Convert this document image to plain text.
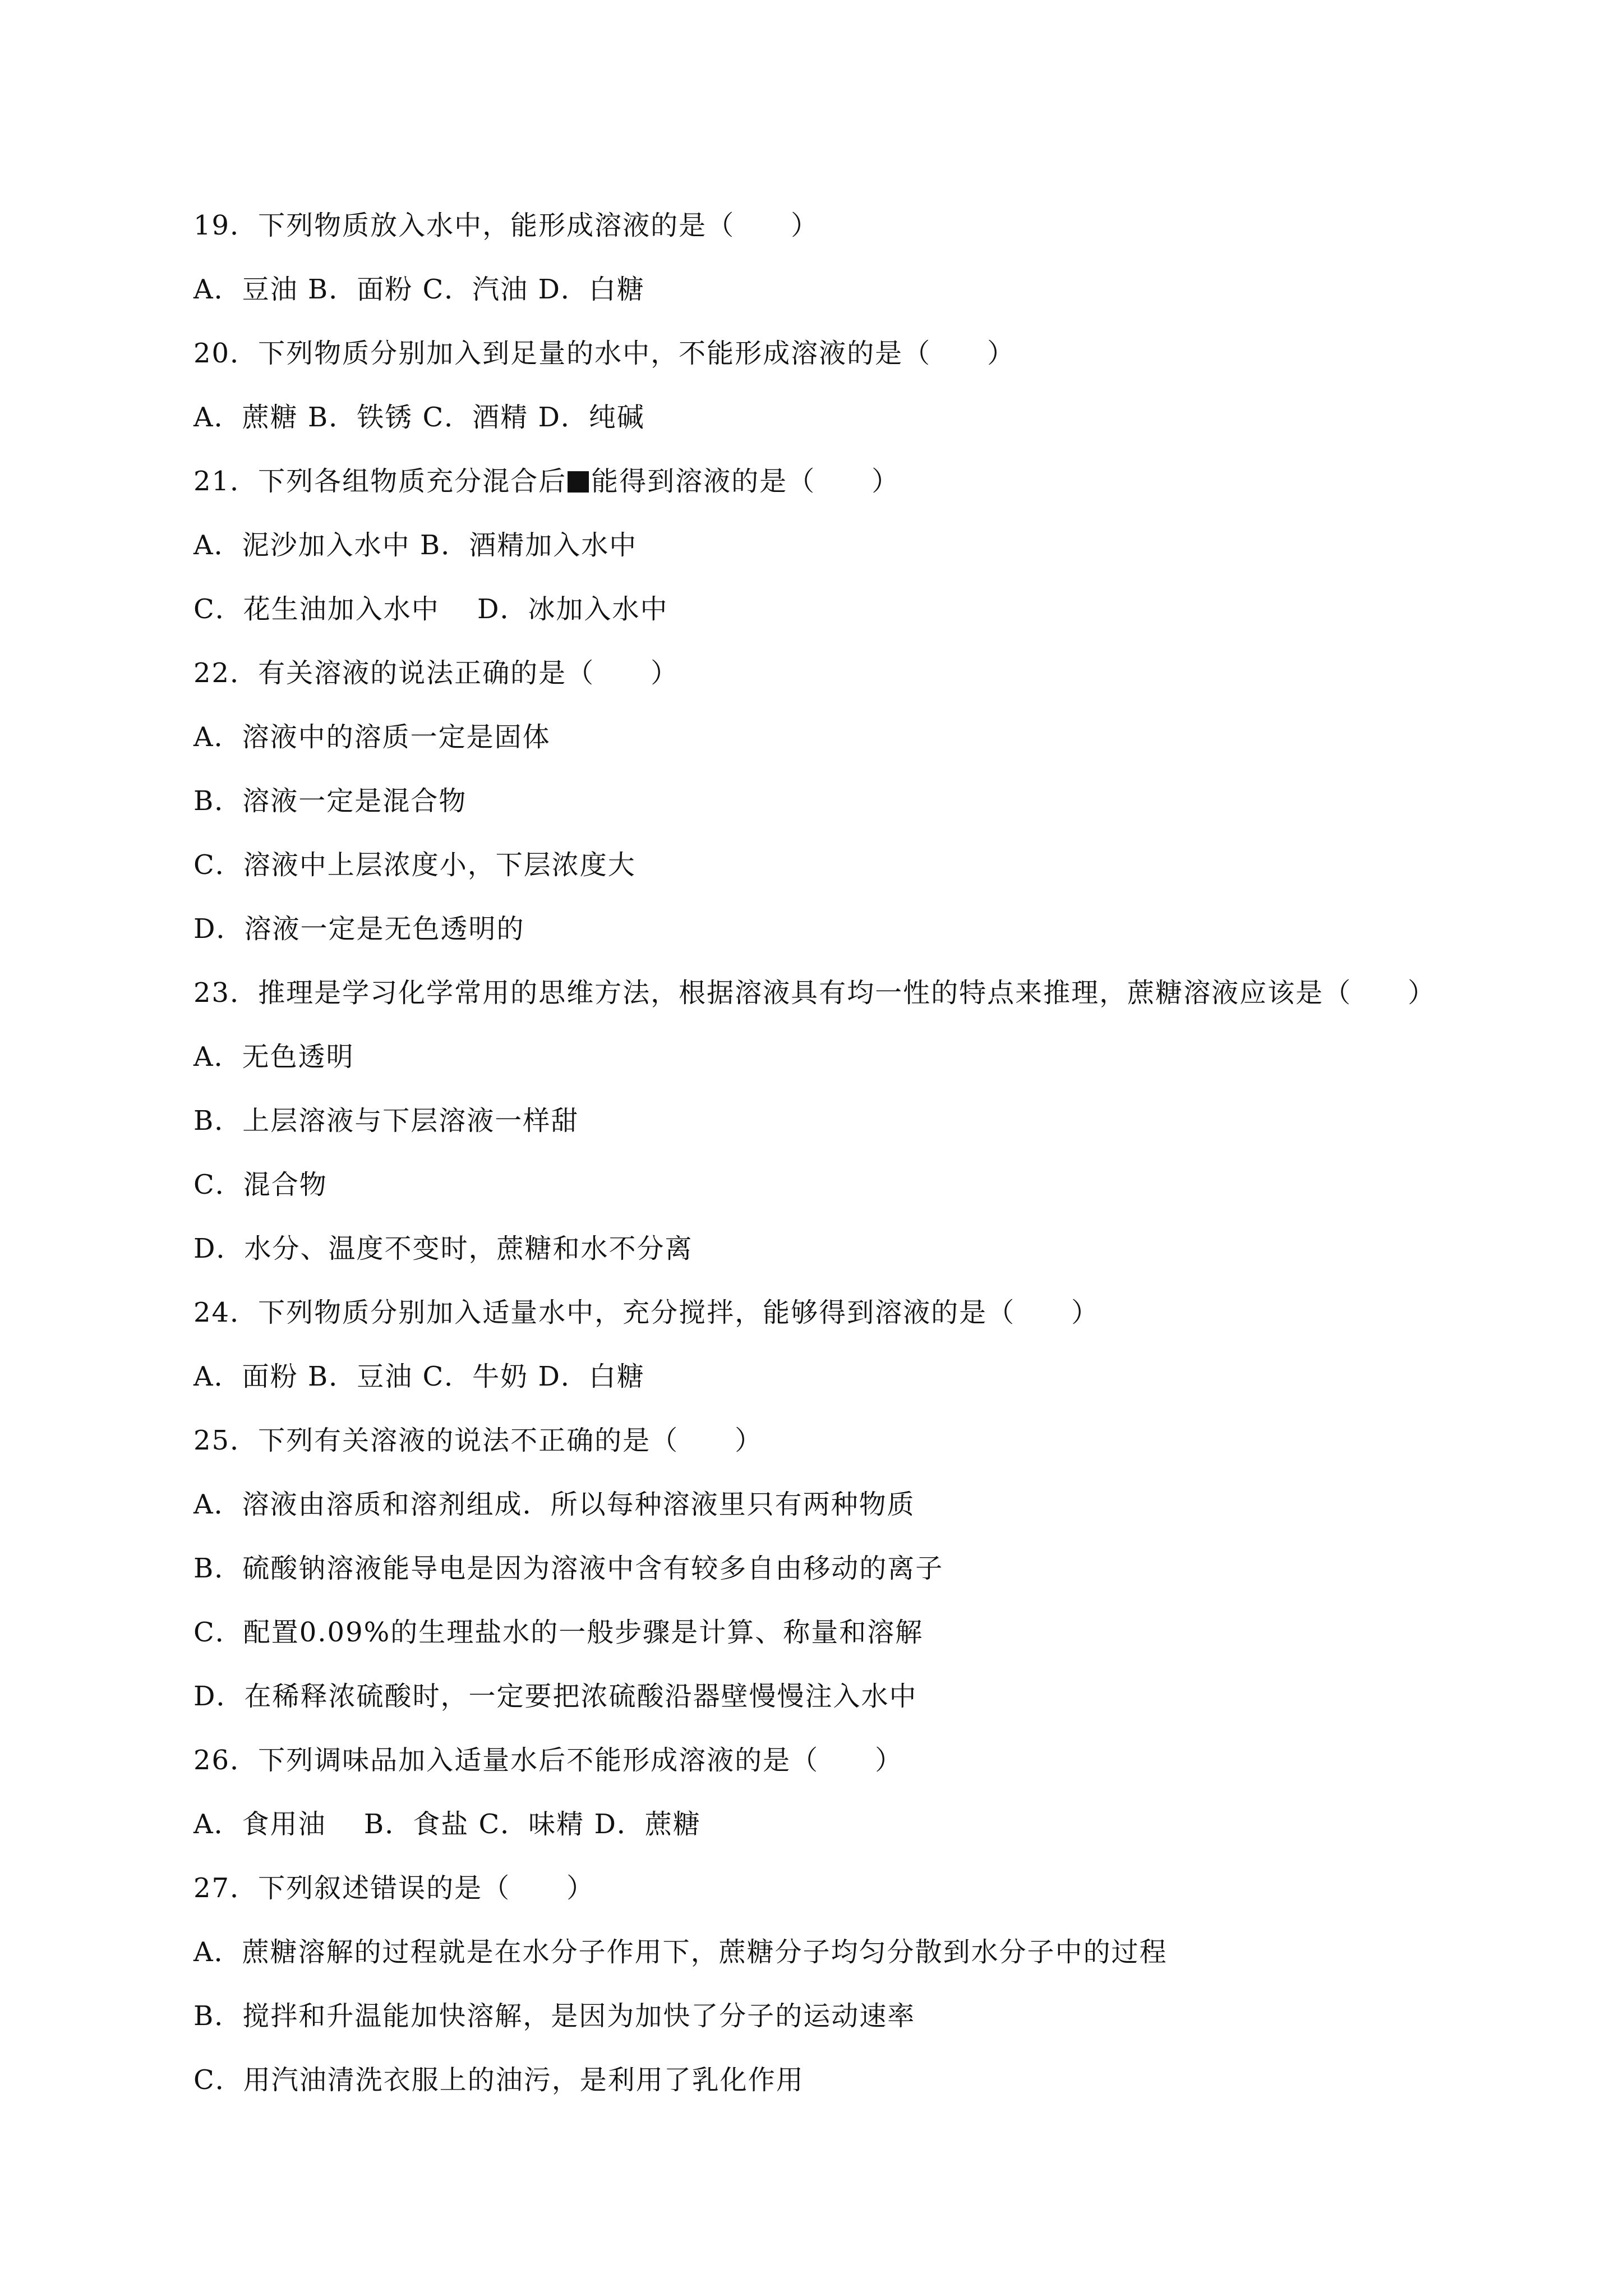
19．下列物质放入水中，能形成溶液的是（　　）
A．豆油 B．面粉 C．汽油 D．白糖
20．下列物质分别加入到足量的水中，不能形成溶液的是（　　）
A．蔗糖 B．铁锈 C．酒精 D．纯碱
21．下列各组物质充分混合后 能得到溶液的是（　　）
A．泥沙加入水中 B．酒精加入水中
C．花生油加入水中　 D．冰加入水中
22．有关溶液的说法正确的是（　　）
A．溶液中的溶质一定是固体
B．溶液一定是混合物
C．溶液中上层浓度小，下层浓度大
D．溶液一定是无色透明的
23．推理是学习化学常用的思维方法，根据溶液具有均一性的特点来推理，蔗糖溶液应该是（　　）
A．无色透明
B．上层溶液与下层溶液一样甜
C．混合物
D．水分、温度不变时，蔗糖和水不分离
24．下列物质分别加入适量水中，充分搅拌，能够得到溶液的是（　　）
A．面粉 B．豆油 C．牛奶 D．白糖
25．下列有关溶液的说法不正确的是（　　）
A．溶液由溶质和溶剂组成．所以每种溶液里只有两种物质
B．硫酸钠溶液能导电是因为溶液中含有较多自由移动的离子
C．配置0.09%的生理盐水的一般步骤是计算、称量和溶解
D．在稀释浓硫酸时，一定要把浓硫酸沿器壁慢慢注入水中
26．下列调味品加入适量水后不能形成溶液的是（　　）
A．食用油　 B．食盐 C．味精 D．蔗糖
27．下列叙述错误的是（　　）
A．蔗糖溶解的过程就是在水分子作用下，蔗糖分子均匀分散到水分子中的过程
B．搅拌和升温能加快溶解，是因为加快了分子的运动速率
C．用汽油清洗衣服上的油污，是利用了乳化作用
